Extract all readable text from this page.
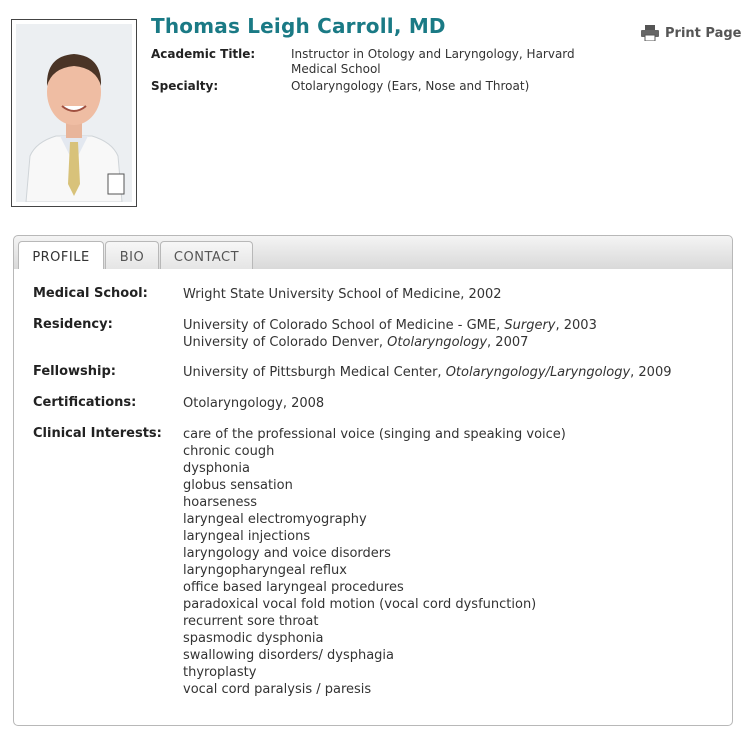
Thomas Leigh Carroll, MD	Print Page
Academic Title:	Instructor in Otology and Laryngology, Harvard
Medical School
Specialty:	Otolaryngology (Ears, Nose and Throat)
PROFILE	BIO	CONTACT
Medical School:	Wright State University School of Medicine, 2002
Residency:	University of Colorado School of Medicine - GME, Surgery, 2003
University of Colorado Denver, Otolaryngology, 2007
Fellowship:	University of Pittsburgh Medical Center, Otolaryngology/Laryngology, 2009
Certifications:	Otolaryngology, 2008
Clinical Interests:	care of the professional voice (singing and speaking voice)
chronic cough
dysphonia
globus sensation
hoarseness
laryngeal electromyography
laryngeal injections
laryngology and voice disorders
laryngopharyngeal reflux
office based laryngeal procedures
paradoxical vocal fold motion (vocal cord dysfunction)
recurrent sore throat
spasmodic dysphonia
swallowing disorders/ dysphagia
thyroplasty
vocal cord paralysis / paresis
